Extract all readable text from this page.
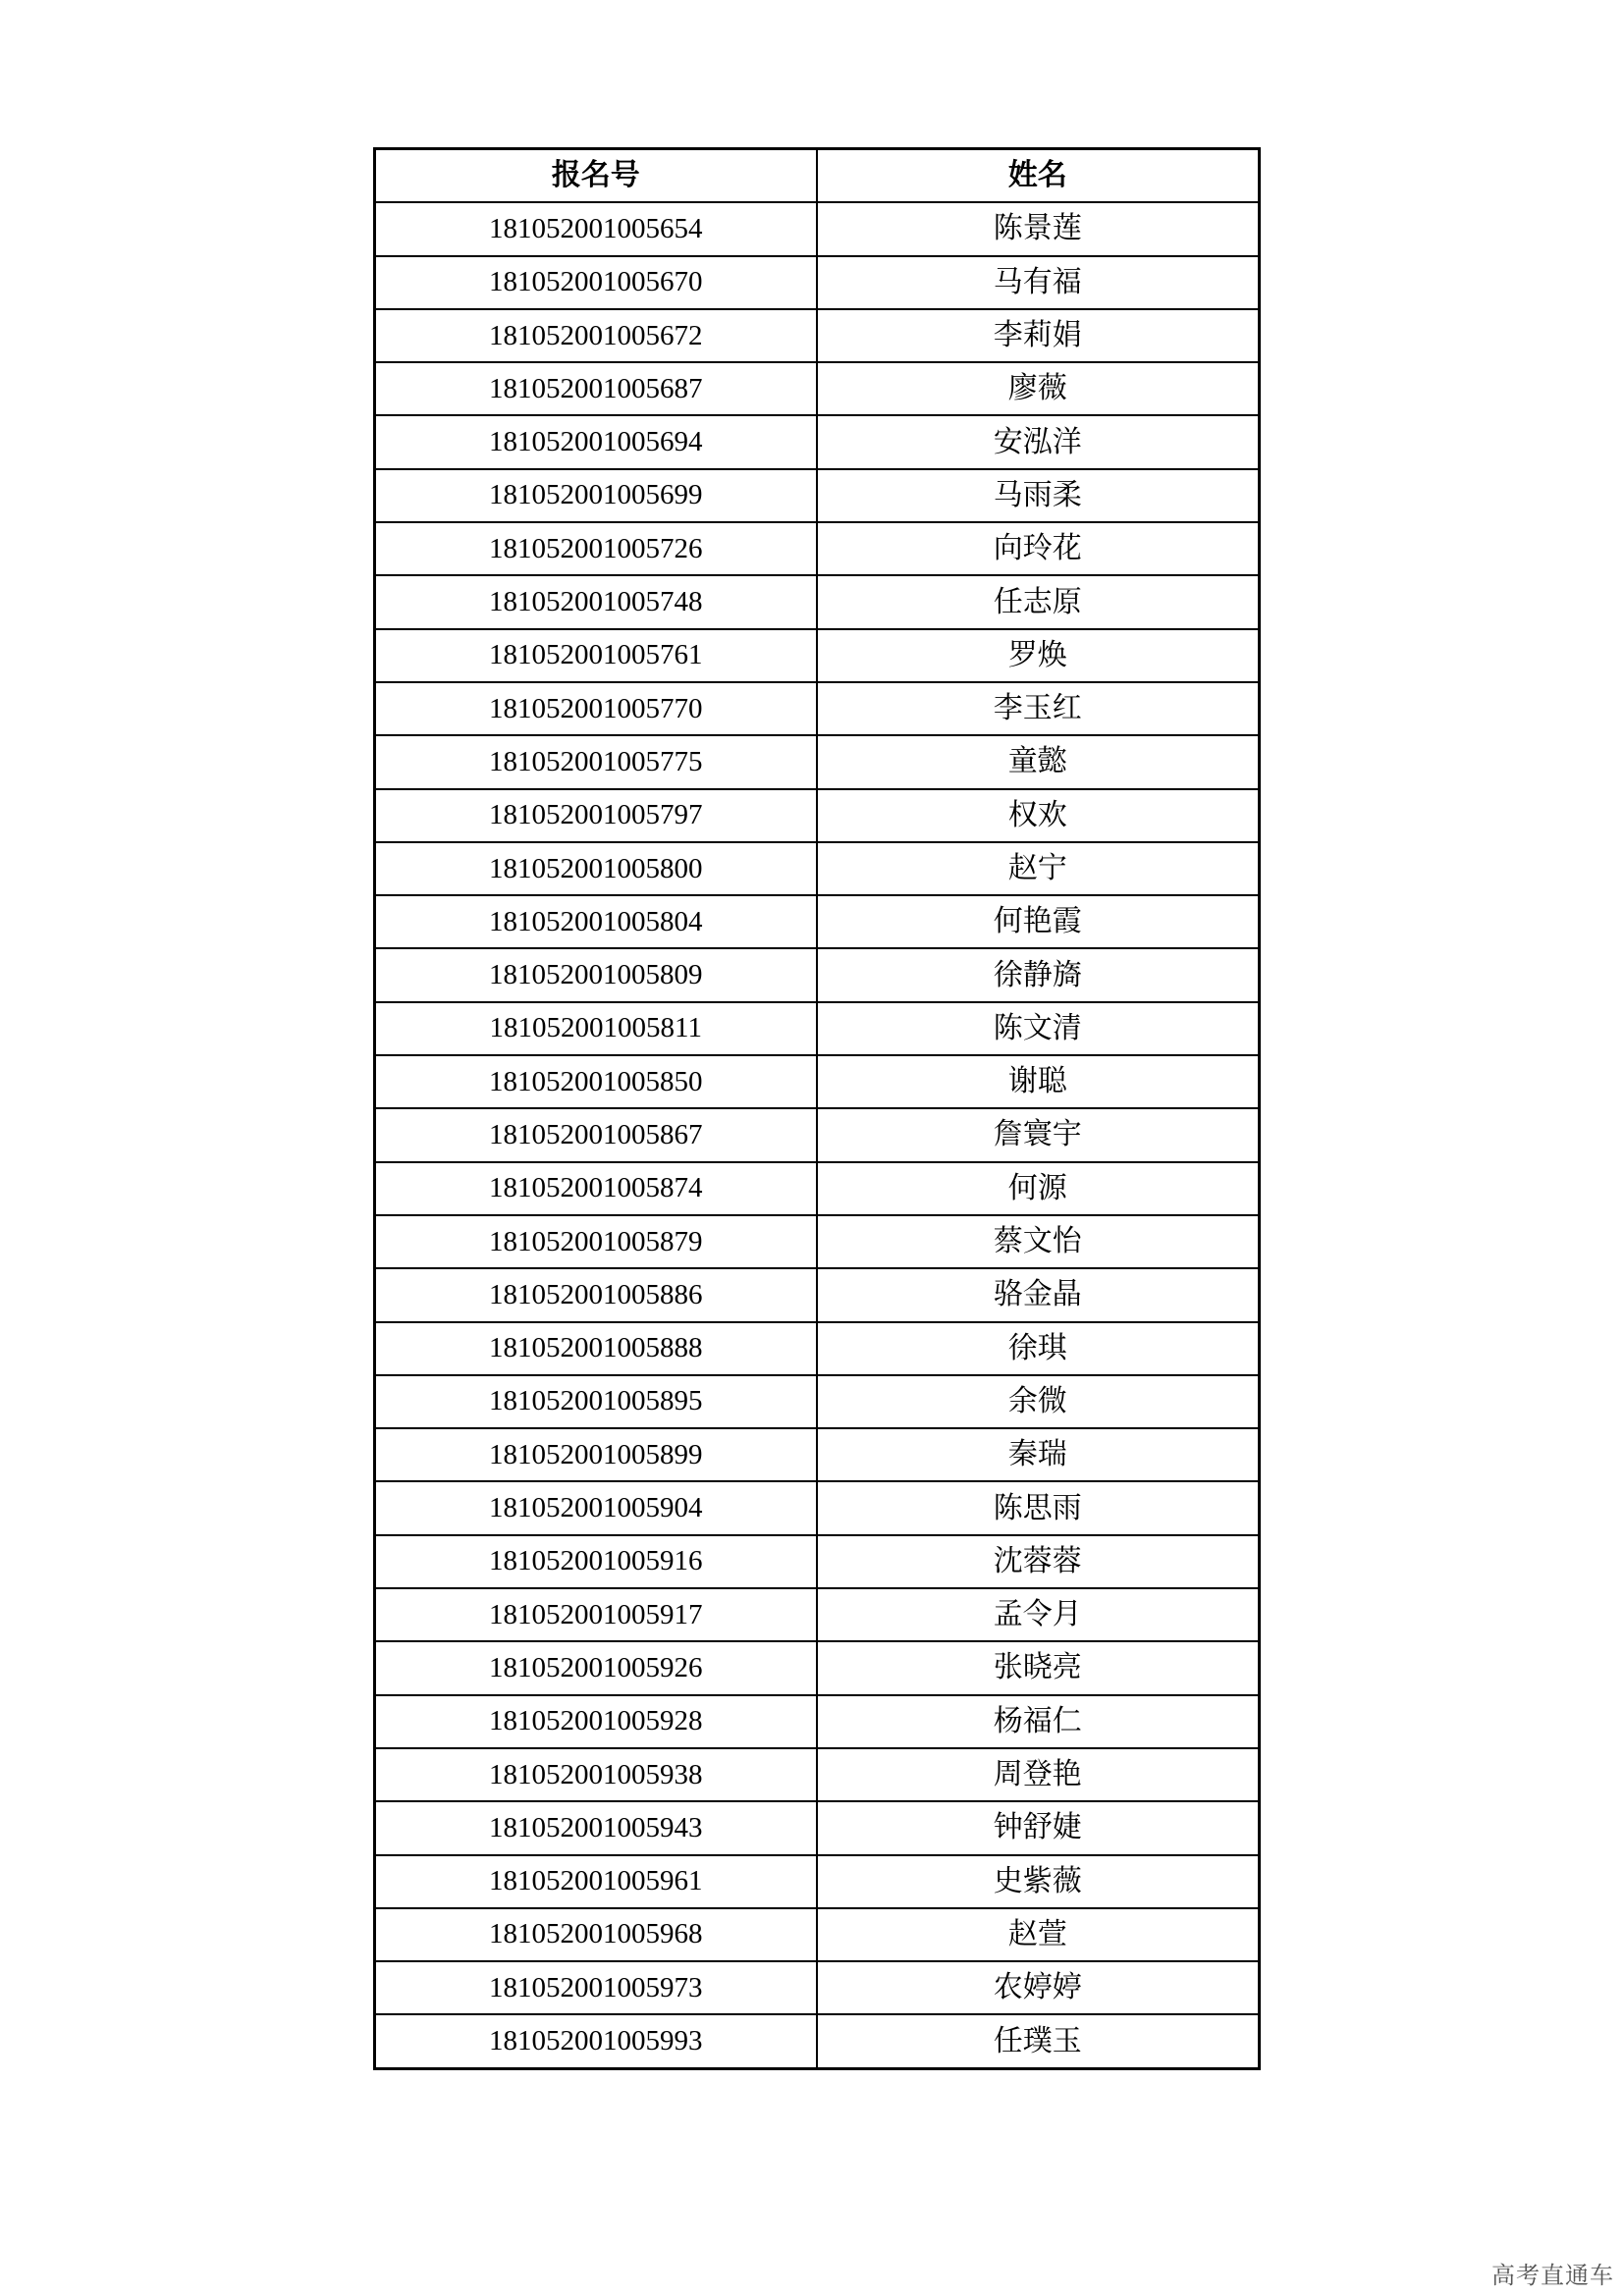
报名号	姓名
181052001005654	陈景莲
181052001005670	马有福
181052001005672	李莉娟
181052001005687	廖薇
181052001005694	安泓洋
181052001005699	马雨柔
181052001005726	向玲花
181052001005748	任志原
181052001005761	罗焕
181052001005770	李玉红
181052001005775	童懿
181052001005797	权欢
181052001005800	赵宁
181052001005804	何艳霞
181052001005809	徐静旖
181052001005811	陈文清
181052001005850	谢聪
181052001005867	詹寰宇
181052001005874	何源
181052001005879	蔡文怡
181052001005886	骆金晶
181052001005888	徐琪
181052001005895	余微
181052001005899	秦瑞
181052001005904	陈思雨
181052001005916	沈蓉蓉
181052001005917	孟令月
181052001005926	张晓亮
181052001005928	杨福仁
181052001005938	周登艳
181052001005943	钟舒婕
181052001005961	史紫薇
181052001005968	赵萱
181052001005973	农婷婷
181052001005993	任璞玉
高考直通车
